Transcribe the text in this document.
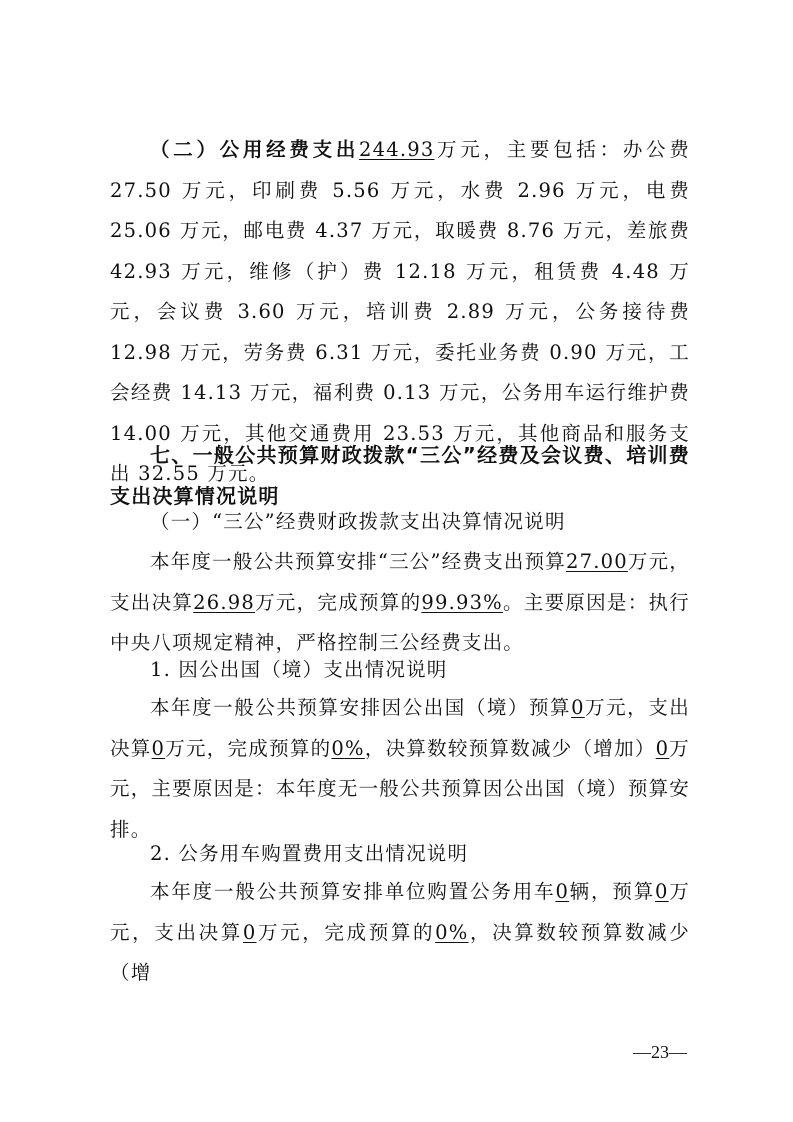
（二）公用经费支出244.93万元，主要包括：办公费 27.50 万元，印刷费 5.56 万元，水费 2.96 万元，电费 25.06 万元，邮电费 4.37 万元，取暖费 8.76 万元，差旅费 42.93 万元，维修（护）费 12.18 万元，租赁费 4.48 万元，会议费 3.60 万元，培训费 2.89 万元，公务接待费 12.98 万元，劳务费 6.31 万元，委托业务费 0.90 万元，工会经费 14.13 万元，福利费 0.13 万元，公务用车运行维护费 14.00 万元，其他交通费用 23.53 万元，其他商品和服务支出 32.55 万元。

七、一般公共预算财政拨款“三公”经费及会议费、培训费支出决算情况说明

（一）“三公”经费财政拨款支出决算情况说明

本年度一般公共预算安排“三公”经费支出预算27.00万元，支出决算26.98万元，完成预算的99.93%。主要原因是：执行中央八项规定精神，严格控制三公经费支出。

1. 因公出国（境）支出情况说明

本年度一般公共预算安排因公出国（境）预算0万元，支出决算0万元，完成预算的0%，决算数较预算数减少（增加）0万元，主要原因是：本年度无一般公共预算因公出国（境）预算安排。

2. 公务用车购置费用支出情况说明

本年度一般公共预算安排单位购置公务用车0辆，预算0万元，支出决算0万元，完成预算的0%，决算数较预算数减少（增

—23—
